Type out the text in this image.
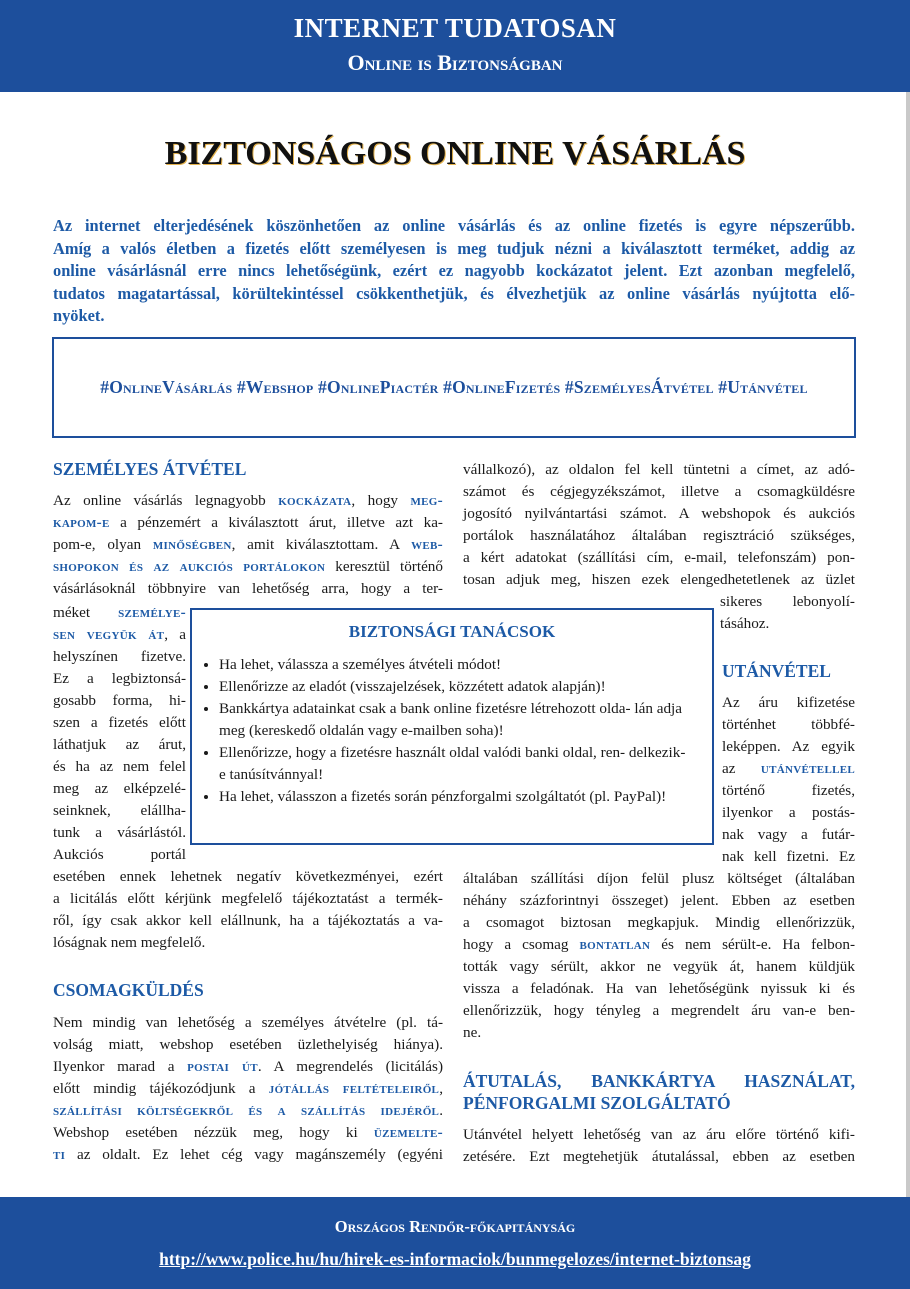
INTERNET TUDATOSAN
Online is Biztonságban
BIZTONSÁGOS ONLINE VÁSÁRLÁS
Az internet elterjedésének köszönhetően az online vásárlás és az online fizetés is egyre népszerűbb.
Amíg a valós életben a fizetés előtt személyesen is meg tudjuk nézni a kiválasztott terméket, addig az
online vásárlásnál erre nincs lehetőségünk, ezért ez nagyobb kockázatot jelent. Ezt azonban megfelelő,
tudatos magatartással, körültekintéssel csökkenthetjük, és élvezhetjük az online vásárlás nyújtotta elő-
nyöket.
#OnlineVásárlás #Webshop #OnlinePiactér #OnlineFizetés #SzemélyesÁtvétel #Utánvétel
SZEMÉLYES ÁTVÉTEL
Az online vásárlás legnagyobb kockázata, hogy meg-
kapom-e a pénzemért a kiválasztott árut, illetve azt ka-
pom-e, olyan minőségben, amit kiválasztottam. A web-
shopokon és az aukciós portálokon keresztül történő
vásárlásoknál többnyire van lehetőség arra, hogy a ter-
méket személye-
sen vegyük át, a
helyszínen fizetve.
Ez a legbiztonsá-
gosabb forma, hi-
szen a fizetés előtt
láthatjuk az árut,
és ha az nem felel
meg az elképzelé-
seinknek, elállha-
tunk a vásárlástól.
Aukciós portál
esetében ennek lehetnek negatív következményei, ezért
a licitálás előtt kérjünk megfelelő tájékoztatást a termék-
ről, így csak akkor kell elállnunk, ha a tájékoztatás a va-
lóságnak nem megfelelő.
CSOMAGKÜLDÉS
Nem mindig van lehetőség a személyes átvételre (pl. tá-
volság miatt, webshop esetében üzlethelyiség hiánya).
Ilyenkor marad a postai út. A megrendelés (licitálás)
előtt mindig tájékozódjunk a jótállás feltételeiről,
szállítási költségekről és a szállítás idejéről.
Webshop esetében nézzük meg, hogy ki üzemelte-
ti az oldalt. Ez lehet cég vagy magánszemély (egyéni
vállalkozó), az oldalon fel kell tüntetni a címet, az adó-
számot és cégjegyzékszámot, illetve a csomagküldésre
jogosító nyilvántartási számot. A webshopok és aukciós
portálok használatához általában regisztráció szükséges,
a kért adatokat (szállítási cím, e-mail, telefonszám) pon-
tosan adjuk meg, hiszen ezek elengedhetetlenek az üzlet
sikeres lebonyolí-
tásához.
UTÁNVÉTEL
Az áru kifizetése
történhet többfé-
leképpen. Az egyik
az utánvétellel
történő fizetés,
ilyenkor a postás-
nak vagy a futár-
nak kell fizetni. Ez
általában szállítási díjon felül plusz költséget (általában
néhány százforintnyi összeget) jelent. Ebben az esetben
a csomagot biztosan megkapjuk. Mindig ellenőrizzük,
hogy a csomag bontatlan és nem sérült-e. Ha felbon-
tották vagy sérült, akkor ne vegyük át, hanem küldjük
vissza a feladónak. Ha van lehetőségünk nyissuk ki és
ellenőrizzük, hogy tényleg a megrendelt áru van-e ben-
ne.
ÁTUTALÁS, BANKKÁRTYA HASZNÁLAT,
PÉNFORGALMI SZOLGÁLTATÓ
Utánvétel helyett lehetőség van az áru előre történő kifi-
zetésére. Ezt megtehetjük átutalással, ebben az esetben
BIZTONSÁGI TANÁCSOK
• Ha lehet, válassza a személyes átvételi módot!
• Ellenőrizze az eladót (visszajelzések, közzétett adatok alapján)!
• Bankkártya adatainkat csak a bank online fizetésre létrehozott olda- lán adja meg (kereskedő oldalán vagy e-mailben soha)!
• Ellenőrizze, hogy a fizetésre használt oldal valódi banki oldal, ren- delkezik-e tanúsítvánnyal!
• Ha lehet, válasszon a fizetés során pénzforgalmi szolgáltatót (pl. PayPal)!
Országos Rendőr-főkapitányság
http://www.police.hu/hu/hirek-es-informaciok/bunmegelozes/internet-biztonsag
